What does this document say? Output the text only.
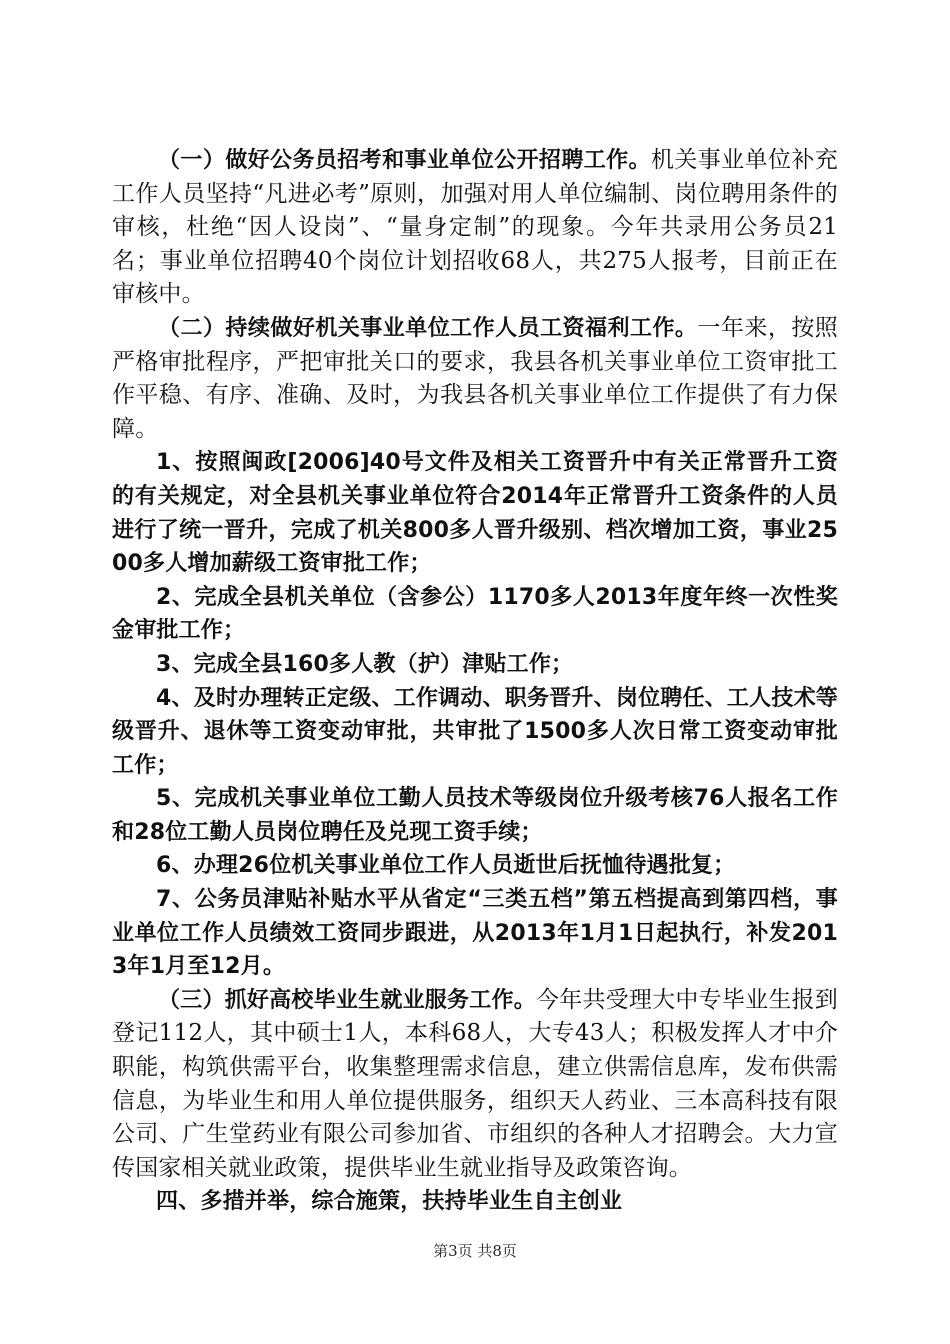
（一）做好公务员招考和事业单位公开招聘工作。机关事业单位补充工作人员坚持“凡进必考”原则，加强对用人单位编制、岗位聘用条件的审核，杜绝“因人设岗”、“量身定制”的现象。今年共录用公务员21名；事业单位招聘40个岗位计划招收68人，共275人报考，目前正在审核中。

（二）持续做好机关事业单位工作人员工资福利工作。一年来，按照严格审批程序，严把审批关口的要求，我县各机关事业单位工资审批工作平稳、有序、准确、及时，为我县各机关事业单位工作提供了有力保障。

1、按照闽政[2006]40号文件及相关工资晋升中有关正常晋升工资的有关规定，对全县机关事业单位符合2014年正常晋升工资条件的人员进行了统一晋升，完成了机关800多人晋升级别、档次增加工资，事业2500多人增加薪级工资审批工作；

2、完成全县机关单位（含参公）1170多人2013年度年终一次性奖金审批工作；

3、完成全县160多人教（护）津贴工作；

4、及时办理转正定级、工作调动、职务晋升、岗位聘任、工人技术等级晋升、退休等工资变动审批，共审批了1500多人次日常工资变动审批工作；

5、完成机关事业单位工勤人员技术等级岗位升级考核76人报名工作和28位工勤人员岗位聘任及兑现工资手续；

6、办理26位机关事业单位工作人员逝世后抚恤待遇批复；

7、公务员津贴补贴水平从省定“三类五档”第五档提高到第四档，事业单位工作人员绩效工资同步跟进，从2013年1月1日起执行，补发2013年1月至12月。

（三）抓好高校毕业生就业服务工作。今年共受理大中专毕业生报到登记112人，其中硕士1人，本科68人，大专43人；积极发挥人才中介职能，构筑供需平台，收集整理需求信息，建立供需信息库，发布供需信息，为毕业生和用人单位提供服务，组织天人药业、三本高科技有限公司、广生堂药业有限公司参加省、市组织的各种人才招聘会。大力宣传国家相关就业政策，提供毕业生就业指导及政策咨询。

四、多措并举，综合施策，扶持毕业生自主创业

第3页 共8页
